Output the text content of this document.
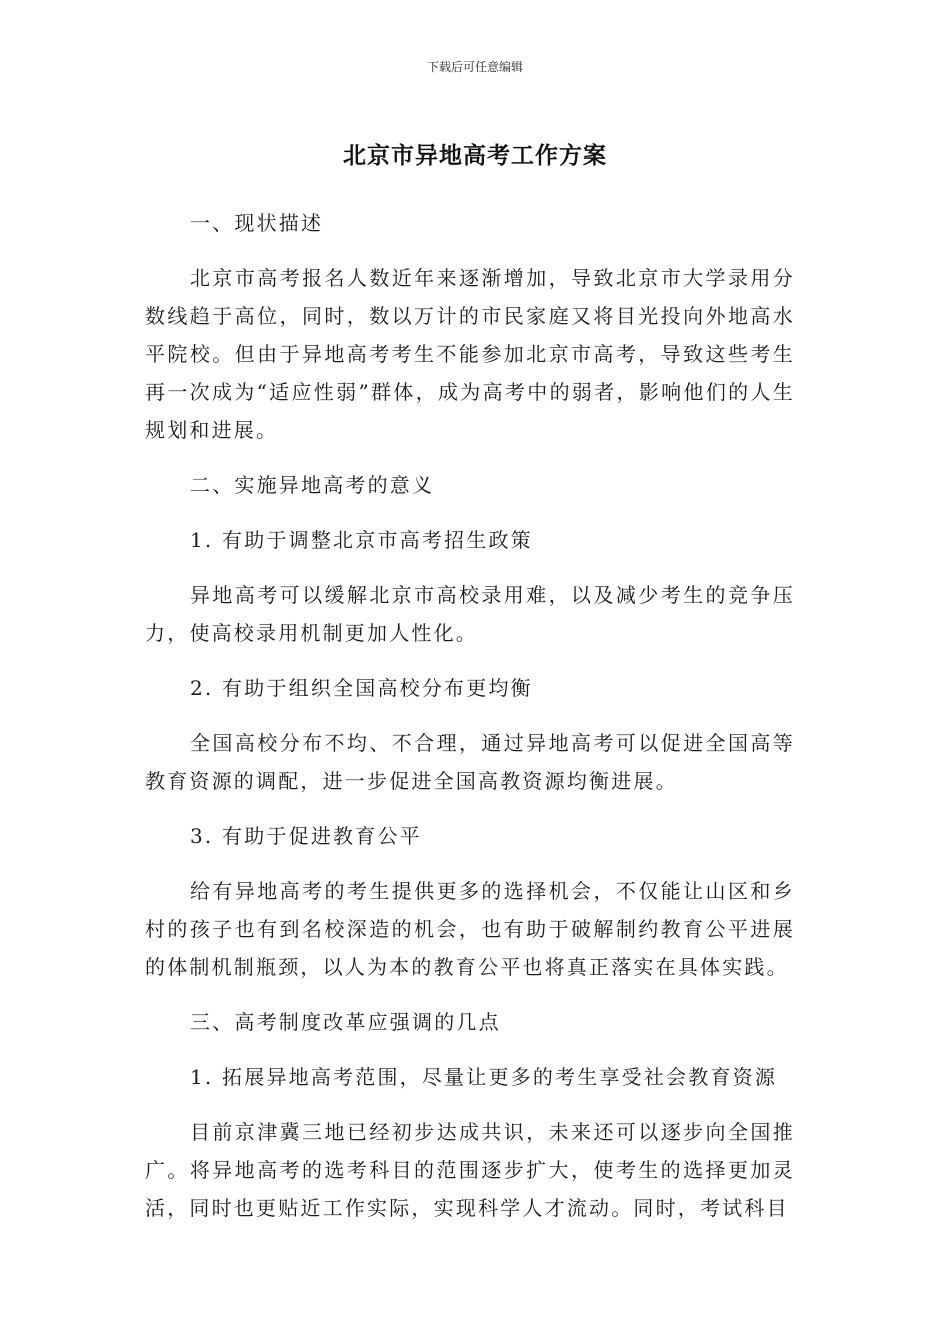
下载后可任意编辑
北京市异地高考工作方案

一、现状描述

北京市高考报名人数近年来逐渐增加，导致北京市大学录用分数线趋于高位，同时，数以万计的市民家庭又将目光投向外地高水平院校。但由于异地高考考生不能参加北京市高考，导致这些考生再一次成为“适应性弱”群体，成为高考中的弱者，影响他们的人生规划和进展。

二、实施异地高考的意义

1. 有助于调整北京市高考招生政策

异地高考可以缓解北京市高校录用难，以及减少考生的竞争压力，使高校录用机制更加人性化。

2. 有助于组织全国高校分布更均衡

全国高校分布不均、不合理，通过异地高考可以促进全国高等教育资源的调配，进一步促进全国高教资源均衡进展。

3. 有助于促进教育公平

给有异地高考的考生提供更多的选择机会，不仅能让山区和乡村的孩子也有到名校深造的机会，也有助于破解制约教育公平进展的体制机制瓶颈，以人为本的教育公平也将真正落实在具体实践。

三、高考制度改革应强调的几点

1. 拓展异地高考范围，尽量让更多的考生享受社会教育资源

目前京津冀三地已经初步达成共识，未来还可以逐步向全国推广。将异地高考的选考科目的范围逐步扩大，使考生的选择更加灵活，同时也更贴近工作实际，实现科学人才流动。同时，考试科目
